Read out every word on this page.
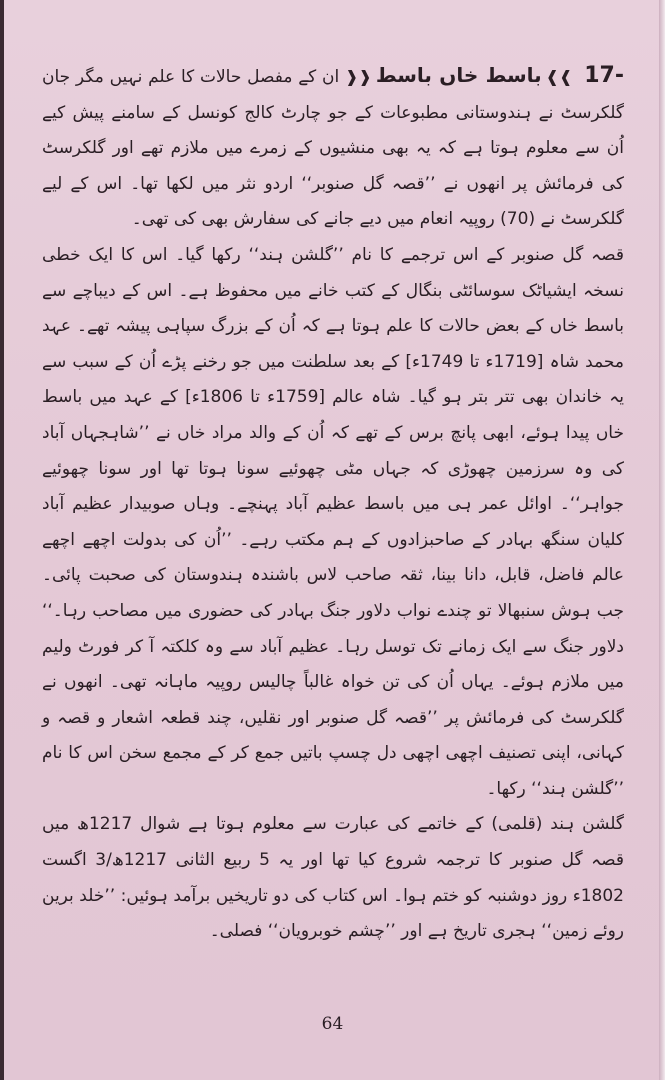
17- ❱❱باسط خاں باسط❰❰ ان کے مفصل حالات کا علم نہیں مگر جان گلکرسٹ نے ہندوستانی مطبوعات کے جو چارٹ کالج کونسل کے سامنے پیش کیے اُن سے معلوم ہوتا ہے کہ یہ بھی منشیوں کے زمرے میں ملازم تھے اور گلکرسٹ کی فرمائش پر انھوں نے ’’قصہ گل صنوبر‘‘ اردو نثر میں لکھا تھا۔ اس کے لیے گلکرسٹ نے (70) روپیہ انعام میں دیے جانے کی سفارش بھی کی تھی۔

قصہ گل صنوبر کے اس ترجمے کا نام ’’گلشن ہند‘‘ رکھا گیا۔ اس کا ایک خطی نسخہ ایشیاٹک سوسائٹی بنگال کے کتب خانے میں محفوظ ہے۔ اس کے دیباچے سے باسط خاں کے بعض حالات کا علم ہوتا ہے کہ اُن کے بزرگ سپاہی پیشہ تھے۔ عہد محمد شاہ [1719ء تا 1749ء] کے بعد سلطنت میں جو رخنے پڑے اُن کے سبب سے یہ خاندان بھی تتر بتر ہو گیا۔ شاہ عالم [1759ء تا 1806ء] کے عہد میں باسط خاں پیدا ہوئے، ابھی پانچ برس کے تھے کہ اُن کے والد مراد خاں نے ’’شاہجہاں آباد کی وہ سرزمین چھوڑی کہ جہاں مٹی چھوئیے سونا ہوتا تھا اور سونا چھوئیے جواہر‘‘۔ اوائل عمر ہی میں باسط عظیم آباد پہنچے۔ وہاں صوبیدار عظیم آباد کلیان سنگھ بہادر کے صاحبزادوں کے ہم مکتب رہے۔ ’’اُن کی بدولت اچھے اچھے عالم فاضل، قابل، دانا بینا، ثقہ صاحب لاس باشندہ ہندوستان کی صحبت پائی۔ جب ہوش سنبھالا تو چندے نواب دلاور جنگ بہادر کی حضوری میں مصاحب رہا۔‘‘ دلاور جنگ سے ایک زمانے تک توسل رہا۔ عظیم آباد سے وہ کلکتہ آ کر فورٹ ولیم میں ملازم ہوئے۔ یہاں اُن کی تن خواہ غالباً چالیس روپیہ ماہانہ تھی۔ انھوں نے گلکرسٹ کی فرمائش پر ’’قصہ گل صنوبر اور نقلیں، چند قطعہ اشعار و قصہ و کہانی، اپنی تصنیف اچھی اچھی دل چسپ باتیں جمع کر کے مجمع سخن اس کا نام ’’گلشن ہند‘‘ رکھا۔

گلشن ہند (قلمی) کے خاتمے کی عبارت سے معلوم ہوتا ہے شوال 1217ھ میں قصہ گل صنوبر کا ترجمہ شروع کیا تھا اور یہ 5 ربیع الثانی 1217ھ/3 اگست 1802ء روز دوشنبہ کو ختم ہوا۔ اس کتاب کی دو تاریخیں برآمد ہوئیں: ’’خلد برین روئے زمین‘‘ ہجری تاریخ ہے اور ’’چشم خوبرویان‘‘ فصلی۔

64
